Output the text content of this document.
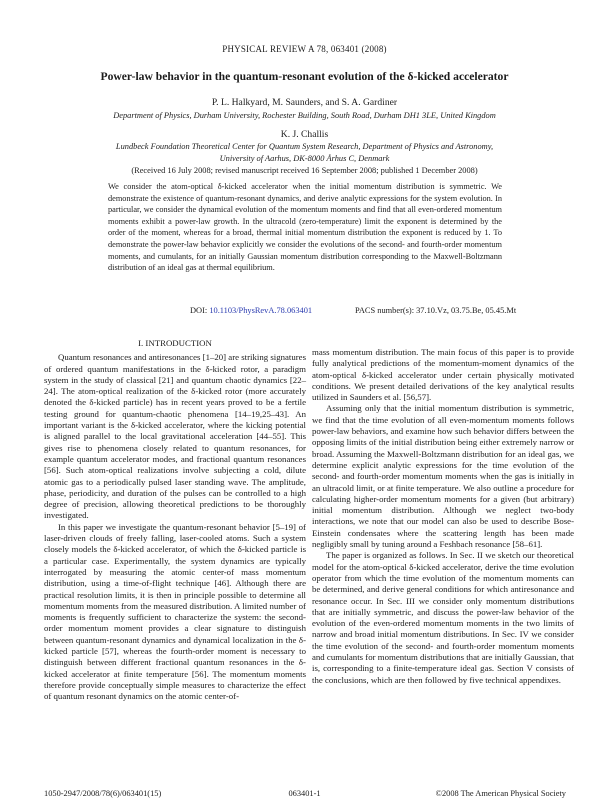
PHYSICAL REVIEW A 78, 063401 (2008)
Power-law behavior in the quantum-resonant evolution of the δ-kicked accelerator
P. L. Halkyard, M. Saunders, and S. A. Gardiner
Department of Physics, Durham University, Rochester Building, South Road, Durham DH1 3LE, United Kingdom
K. J. Challis
Lundbeck Foundation Theoretical Center for Quantum System Research, Department of Physics and Astronomy,
University of Aarhus, DK-8000 Århus C, Denmark
(Received 16 July 2008; revised manuscript received 16 September 2008; published 1 December 2008)
We consider the atom-optical δ-kicked accelerator when the initial momentum distribution is symmetric. We demonstrate the existence of quantum-resonant dynamics, and derive analytic expressions for the system evolution. In particular, we consider the dynamical evolution of the momentum moments and find that all even-ordered momentum moments exhibit a power-law growth. In the ultracold (zero-temperature) limit the exponent is determined by the order of the moment, whereas for a broad, thermal initial momentum distribution the exponent is reduced by 1. To demonstrate the power-law behavior explicitly we consider the evolutions of the second- and fourth-order momentum moments, and cumulants, for an initially Gaussian momentum distribution corresponding to the Maxwell-Boltzmann distribution of an ideal gas at thermal equilibrium.
DOI: 10.1103/PhysRevA.78.063401	PACS number(s): 37.10.Vz, 03.75.Be, 05.45.Mt
I. INTRODUCTION

Quantum resonances and antiresonances [1–20] are striking signatures of ordered quantum manifestations in the δ-kicked rotor, a paradigm system in the study of classical [21] and quantum chaotic dynamics [22–24]. The atom-optical realization of the δ-kicked rotor (more accurately denoted the δ-kicked particle) has in recent years proved to be a fertile testing ground for quantum-chaotic phenomena [14–19,25–43]. An important variant is the δ-kicked accelerator, where the kicking potential is aligned parallel to the local gravitational acceleration [44–55]. This gives rise to phenomena closely related to quantum resonances, for example quantum accelerator modes, and fractional quantum resonances [56]. Such atom-optical realizations involve subjecting a cold, dilute atomic gas to a periodically pulsed laser standing wave. The amplitude, phase, periodicity, and duration of the pulses can be controlled to a high degree of precision, allowing theoretical predictions to be thoroughly investigated.

In this paper we investigate the quantum-resonant behavior [5–19] of laser-driven clouds of freely falling, laser-cooled atoms. Such a system closely models the δ-kicked accelerator, of which the δ-kicked particle is a particular case. Experimentally, the system dynamics are typically interrogated by measuring the atomic center-of mass momentum distribution, using a time-of-flight technique [46]. Although there are practical resolution limits, it is then in principle possible to determine all momentum moments from the measured distribution. A limited number of moments is frequently sufficient to characterize the system: the second-order momentum moment provides a clear signature to distinguish between quantum-resonant dynamics and dynamical localization in the δ-kicked particle [57], whereas the fourth-order moment is necessary to distinguish between different fractional quantum resonances in the δ-kicked accelerator at finite temperature [56]. The momentum moments therefore provide conceptually simple measures to characterize the effect of quantum resonant dynamics on the atomic center-of-

mass momentum distribution. The main focus of this paper is to provide fully analytical predictions of the momentum-moment dynamics of the atom-optical δ-kicked accelerator under certain physically motivated conditions. We present detailed derivations of the key analytical results utilized in Saunders et al. [56,57].

Assuming only that the initial momentum distribution is symmetric, we find that the time evolution of all even-momentum moments follows power-law behaviors, and examine how such behavior differs between the opposing limits of the initial distribution being either extremely narrow or broad. Assuming the Maxwell-Boltzmann distribution for an ideal gas, we determine explicit analytic expressions for the time evolution of the second- and fourth-order momentum moments when the gas is initially in an ultracold limit, or at finite temperature. We also outline a procedure for calculating higher-order momentum moments for a given (but arbitrary) initial momentum distribution. Although we neglect two-body interactions, we note that our model can also be used to describe Bose-Einstein condensates where the scattering length has been made negligibly small by tuning around a Feshbach resonance [58–61].

The paper is organized as follows. In Sec. II we sketch our theoretical model for the atom-optical δ-kicked accelerator, derive the time evolution operator from which the time evolution of the momentum moments can be determined, and derive general conditions for which antiresonance and resonance occur. In Sec. III we consider only momentum distributions that are initially symmetric, and discuss the power-law behavior of the evolution of the even-ordered momentum moments in the two limits of narrow and broad initial momentum distributions. In Sec. IV we consider the time evolution of the second- and fourth-order momentum moments and cumulants for momentum distributions that are initially Gaussian, that is, corresponding to a finite-temperature ideal gas. Section V consists of the conclusions, which are then followed by five technical appendixes.

1050-2947/2008/78(6)/063401(15)	063401-1	©2008 The American Physical Society
